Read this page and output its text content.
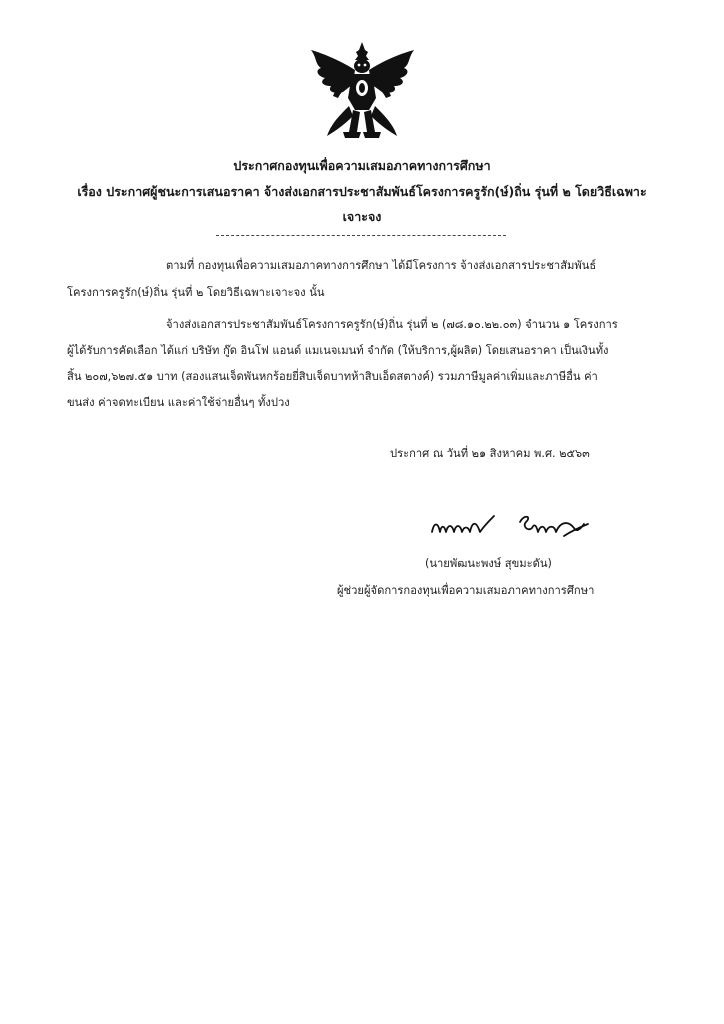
ประกาศกองทุนเพื่อความเสมอภาคทางการศึกษา
เรื่อง ประกาศผู้ชนะการเสนอราคา จ้างส่งเอกสารประชาสัมพันธ์โครงการครูรัก(ษ์)ถิ่น รุ่นที่ ๒ โดยวิธีเฉพาะ
เจาะจง
ตามที่ กองทุนเพื่อความเสมอภาคทางการศึกษา ได้มีโครงการ จ้างส่งเอกสารประชาสัมพันธ์
โครงการครูรัก(ษ์)ถิ่น รุ่นที่ ๒ โดยวิธีเฉพาะเจาะจง นั้น
จ้างส่งเอกสารประชาสัมพันธ์โครงการครูรัก(ษ์)ถิ่น รุ่นที่ ๒ (๗๘.๑๐.๒๒.๐๓) จำนวน ๑ โครงการ
ผู้ได้รับการคัดเลือก ได้แก่ บริษัท กู๊ด อินโฟ แอนด์ แมเนจเมนท์ จำกัด (ให้บริการ,ผู้ผลิต) โดยเสนอราคา เป็นเงินทั้ง
สิ้น ๒๐๗,๖๒๗.๕๑ บาท (สองแสนเจ็ดพันหกร้อยยี่สิบเจ็ดบาทห้าสิบเอ็ดสตางค์) รวมภาษีมูลค่าเพิ่มและภาษีอื่น ค่า
ขนส่ง ค่าจดทะเบียน และค่าใช้จ่ายอื่นๆ ทั้งปวง
ประกาศ ณ วันที่ ๒๑ สิงหาคม พ.ศ. ๒๕๖๓
(นายพัฒนะพงษ์ สุขมะดัน)
ผู้ช่วยผู้จัดการกองทุนเพื่อความเสมอภาคทางการศึกษา
